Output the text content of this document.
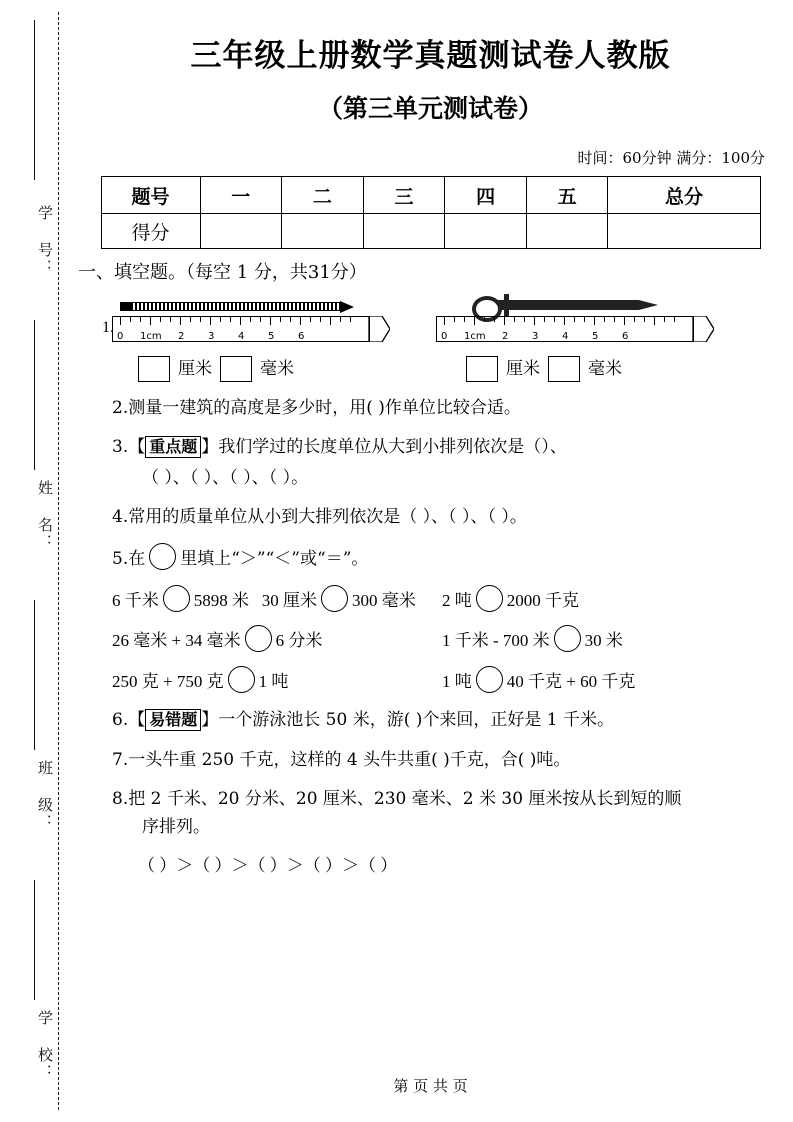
学 号：
姓 名：
班 级：
学 校：
三年级上册数学真题测试卷人教版
（第三单元测试卷）
时间：60分钟 满分：100分
题号	一	二	三	四	五	总分
得分						
一、填空题。（每空 1 分，共31分）
1.
0 1cm 2 3 4 5 6	0 1cm 2 3 4 5 6
厘米	毫米	厘米	毫米
2.测量一建筑的高度是多少时，用( )作单位比较合适。
3.【 重点题 】我们学过的长度单位从大到小排列依次是（）、
（ ）、（ ）、（ ）、（ ）。
4.常用的质量单位从小到大排列依次是（ ）、（ ）、（ ）。
5.在 里填上“＞”“＜”或“＝”。
6 千米 5898 米 30 厘米 300 毫米	2 吨 2000 千克
26 毫米 + 34 毫米 6 分米	1 千米 - 700 米 30 米
250 克 + 750 克 1 吨	1 吨 40 千克 + 60 千克
6.【 易错题 】一个游泳池长 50 米，游( )个来回，正好是 1 千米。
7.一头牛重 250 千克，这样的 4 头牛共重( )千克，合( )吨。
8.把 2 千米、20 分米、20 厘米、230 毫米、2 米 30 厘米按从长到短的顺
序排列。
（ ）＞（ ）＞（ ）＞（ ）＞（ ）
第 页 共 页
